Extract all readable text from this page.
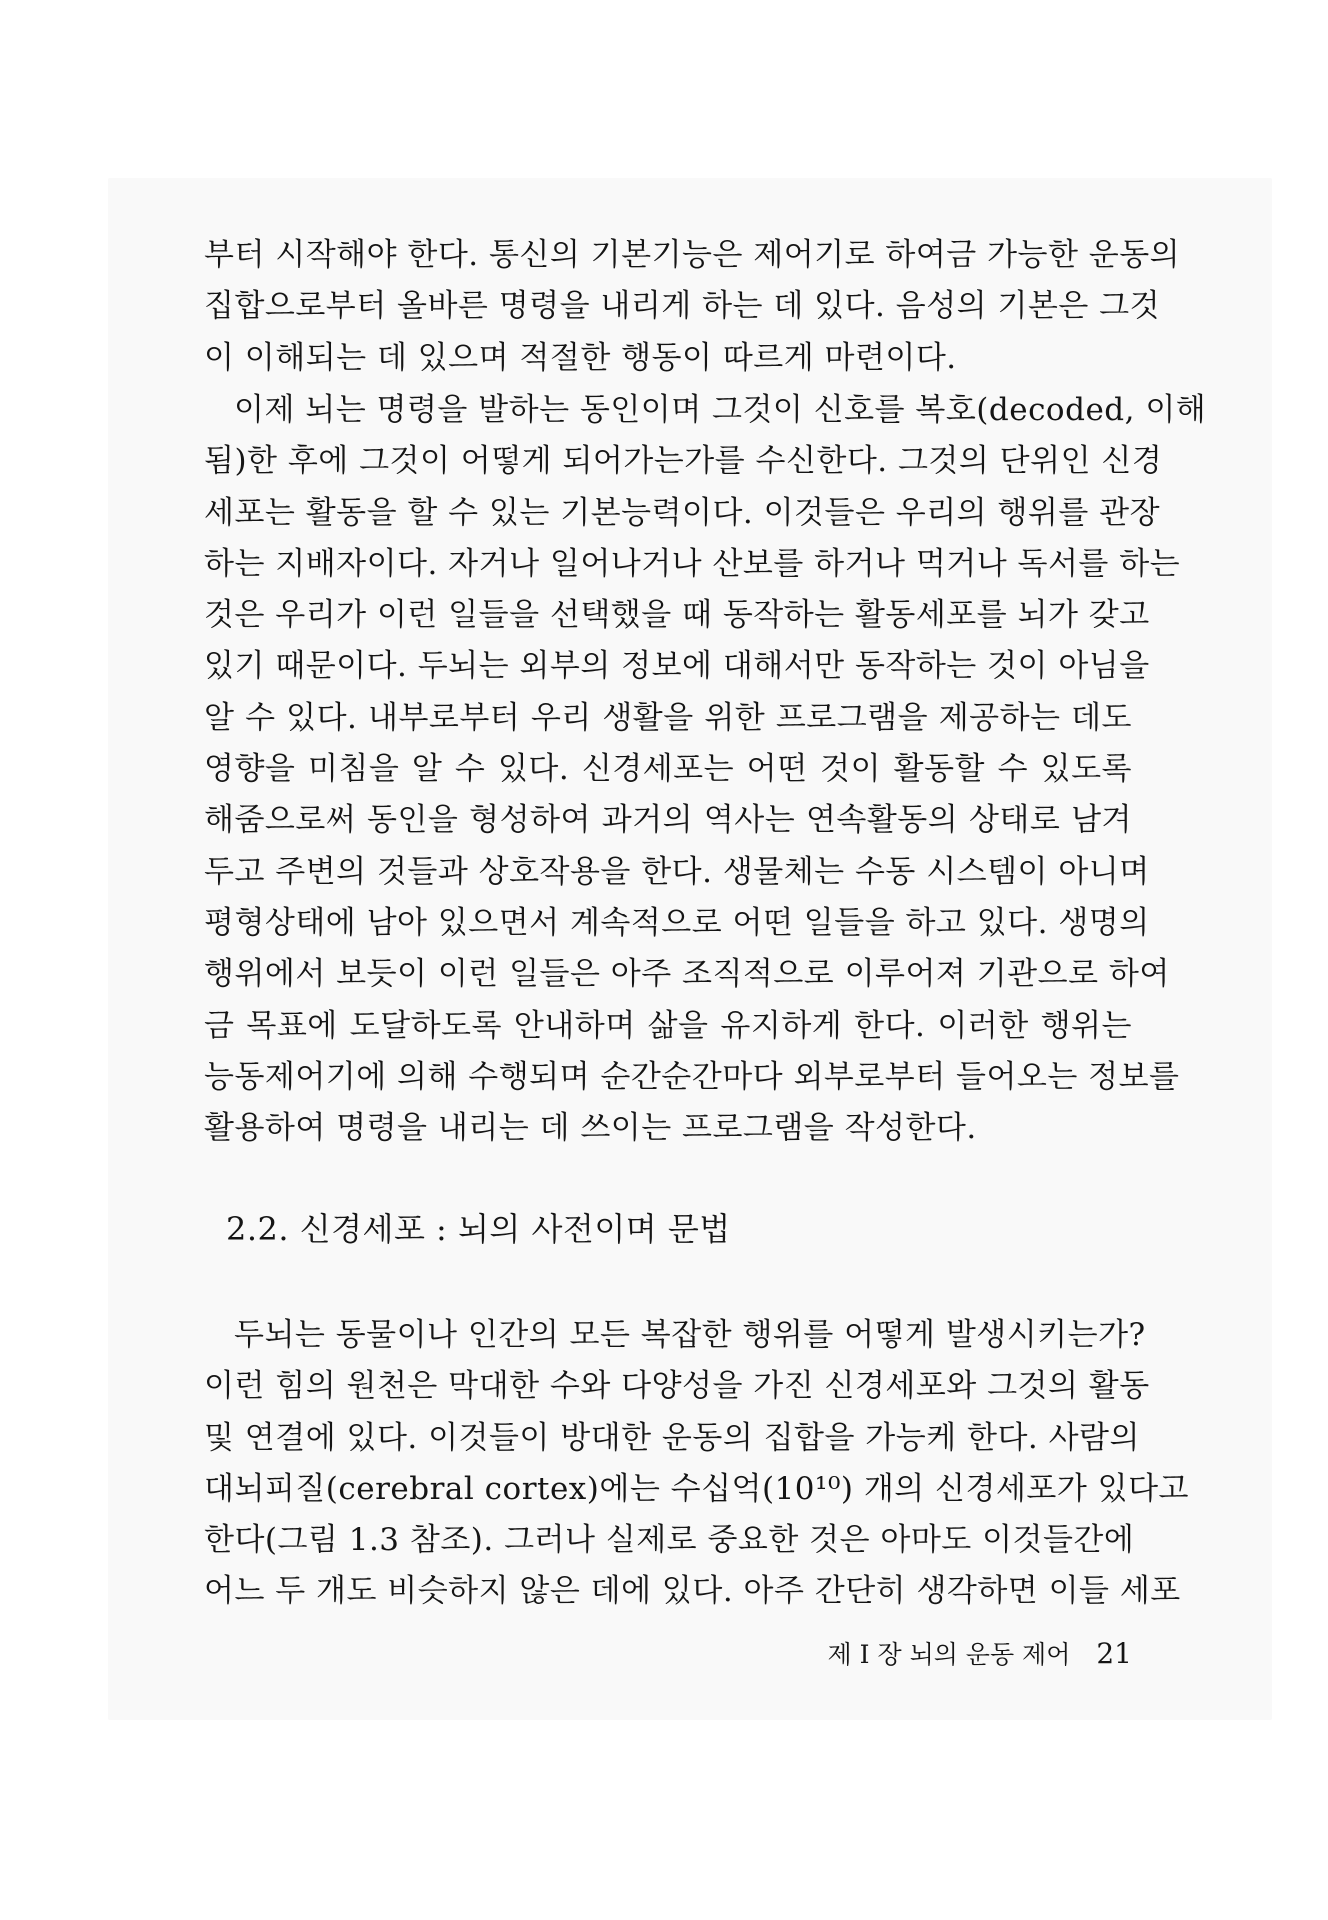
부터 시작해야 한다. 통신의 기본기능은 제어기로 하여금 가능한 운동의
집합으로부터 올바른 명령을 내리게 하는 데 있다. 음성의 기본은 그것
이 이해되는 데 있으며 적절한 행동이 따르게 마련이다.
이제 뇌는 명령을 발하는 동인이며 그것이 신호를 복호(decoded, 이해
됨)한 후에 그것이 어떻게 되어가는가를 수신한다. 그것의 단위인 신경
세포는 활동을 할 수 있는 기본능력이다. 이것들은 우리의 행위를 관장
하는 지배자이다. 자거나 일어나거나 산보를 하거나 먹거나 독서를 하는
것은 우리가 이런 일들을 선택했을 때 동작하는 활동세포를 뇌가 갖고
있기 때문이다. 두뇌는 외부의 정보에 대해서만 동작하는 것이 아님을
알 수 있다. 내부로부터 우리 생활을 위한 프로그램을 제공하는 데도
영향을 미침을 알 수 있다. 신경세포는 어떤 것이 활동할 수 있도록
해줌으로써 동인을 형성하여 과거의 역사는 연속활동의 상태로 남겨
두고 주변의 것들과 상호작용을 한다. 생물체는 수동 시스템이 아니며
평형상태에 남아 있으면서 계속적으로 어떤 일들을 하고 있다. 생명의
행위에서 보듯이 이런 일들은 아주 조직적으로 이루어져 기관으로 하여
금 목표에 도달하도록 안내하며 삶을 유지하게 한다. 이러한 행위는
능동제어기에 의해 수행되며 순간순간마다 외부로부터 들어오는 정보를
활용하여 명령을 내리는 데 쓰이는 프로그램을 작성한다.
2.2. 신경세포 : 뇌의 사전이며 문법
두뇌는 동물이나 인간의 모든 복잡한 행위를 어떻게 발생시키는가?
이런 힘의 원천은 막대한 수와 다양성을 가진 신경세포와 그것의 활동
및 연결에 있다. 이것들이 방대한 운동의 집합을 가능케 한다. 사람의
대뇌피질(cerebral cortex)에는 수십억(10¹⁰) 개의 신경세포가 있다고
한다(그림 1.3 참조). 그러나 실제로 중요한 것은 아마도 이것들간에
어느 두 개도 비슷하지 않은 데에 있다. 아주 간단히 생각하면 이들 세포
제 I 장 뇌의 운동 제어 21
